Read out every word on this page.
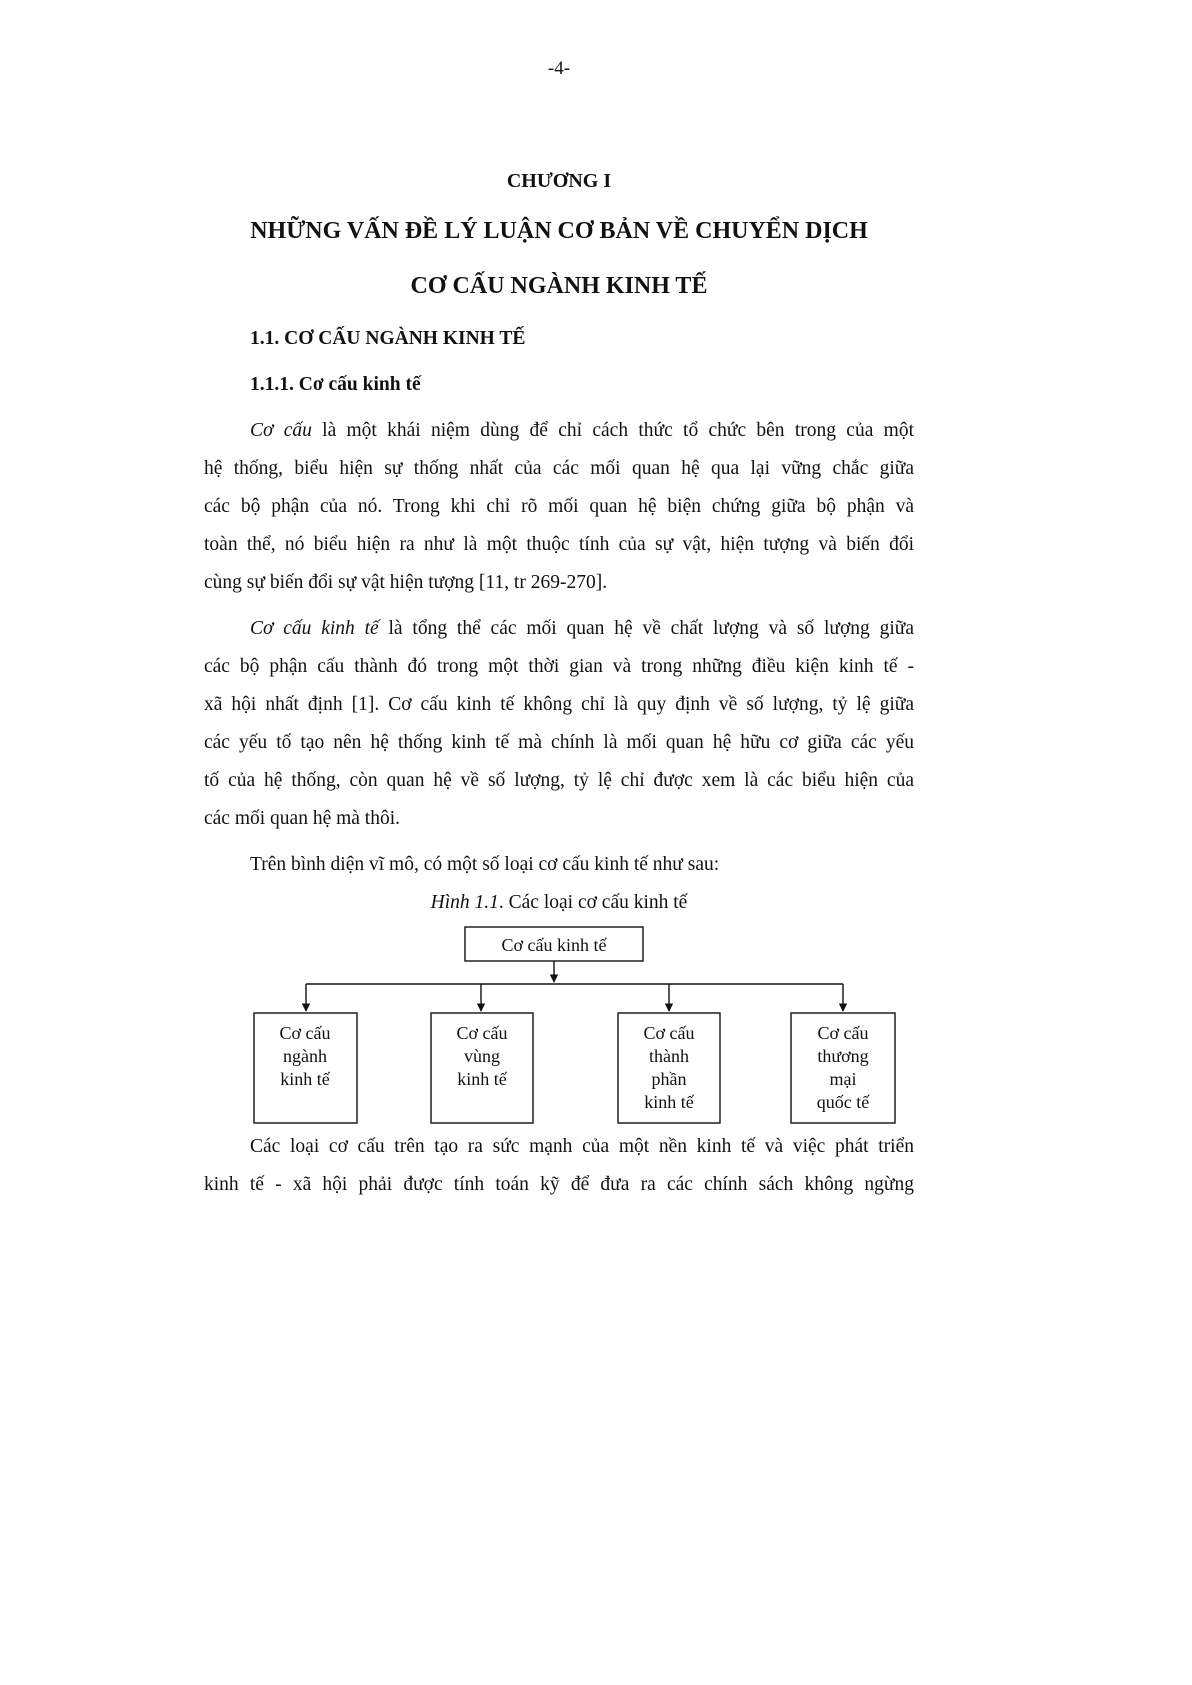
-4-
CHƯƠNG I
NHỮNG VẤN ĐỀ LÝ LUẬN CƠ BẢN VỀ CHUYỂN DỊCH
CƠ CẤU NGÀNH KINH TẾ
1.1. CƠ CẤU NGÀNH KINH TẾ
1.1.1. Cơ cấu kinh tế
Cơ cấu là một khái niệm dùng để chỉ cách thức tổ chức bên trong của một
hệ thống, biểu hiện sự thống nhất của các mối quan hệ qua lại vững chắc giữa
các bộ phận của nó. Trong khi chỉ rõ mối quan hệ biện chứng giữa bộ phận và
toàn thể, nó biểu hiện ra như là một thuộc tính của sự vật, hiện tượng và biến đổi
cùng sự biến đổi sự vật hiện tượng [11, tr 269-270].
Cơ cấu kinh tế là tổng thể các mối quan hệ về chất lượng và số lượng giữa
các bộ phận cấu thành đó trong một thời gian và trong những điều kiện kinh tế -
xã hội nhất định [1]. Cơ cấu kinh tế không chỉ là quy định về số lượng, tỷ lệ giữa
các yếu tố tạo nên hệ thống kinh tế mà chính là mối quan hệ hữu cơ giữa các yếu
tố của hệ thống, còn quan hệ về số lượng, tỷ lệ chỉ được xem là các biểu hiện của
các mối quan hệ mà thôi.
Trên bình diện vĩ mô, có một số loại cơ cấu kinh tế như sau:
Hình 1.1. Các loại cơ cấu kinh tế
Cơ cấu kinh tế
Cơ cấu
ngành
kinh tế
Cơ cấu
vùng
kinh tế
Cơ cấu
thành
phần
kinh tế
Cơ cấu
thương
mại
quốc tế
Các loại cơ cấu trên tạo ra sức mạnh của một nền kinh tế và việc phát triển
kinh tế - xã hội phải được tính toán kỹ để đưa ra các chính sách không ngừng
